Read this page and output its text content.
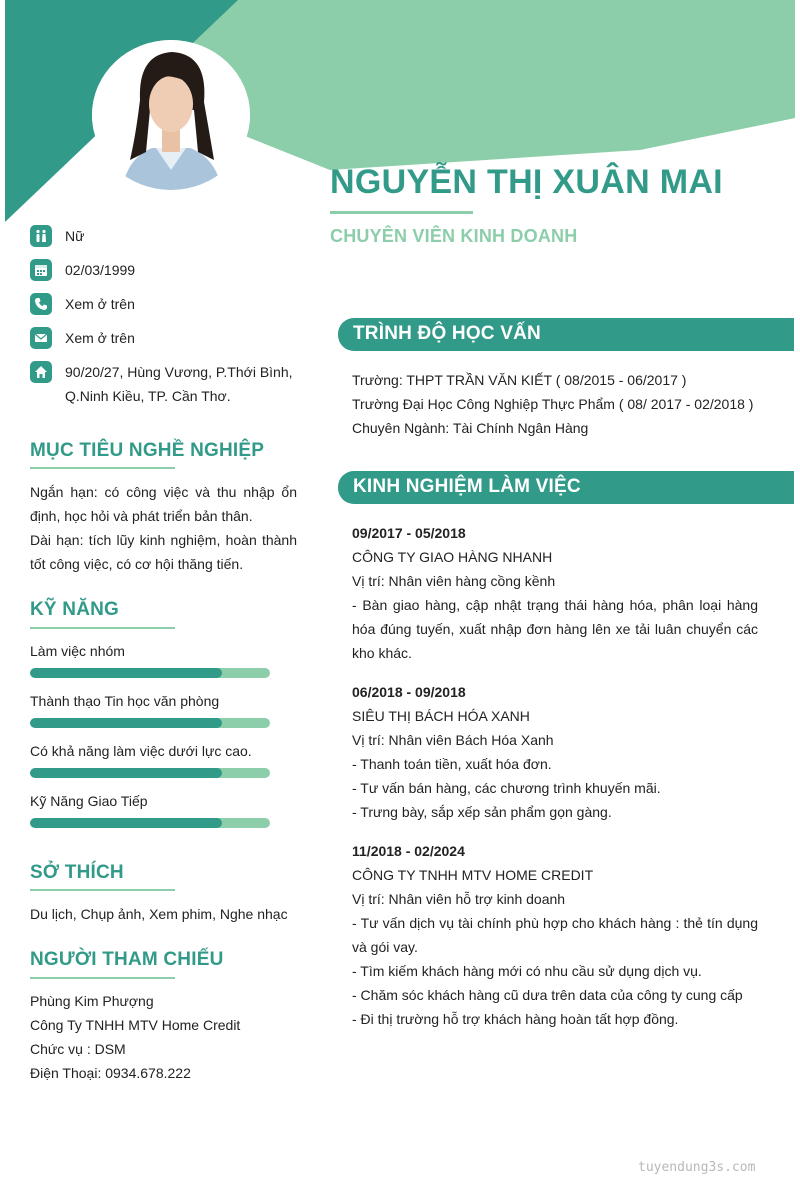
NGUYỄN THỊ XUÂN MAI
CHUYÊN VIÊN KINH DOANH
Nữ
02/03/1999
Xem ở trên
Xem ở trên
90/20/27, Hùng Vương, P.Thới Bình,
Q.Ninh Kiều, TP. Cần Thơ.
MỤC TIÊU NGHỀ NGHIỆP

Ngắn hạn: có công việc và thu nhập ổn định, học hỏi và phát triển bản thân.

Dài hạn: tích lũy kinh nghiệm, hoàn thành tốt công việc, có cơ hội thăng tiến.

KỸ NĂNG
Làm việc nhóm
Thành thạo Tin học văn phòng
Có khả năng làm việc dưới lực cao.
Kỹ Năng Giao Tiếp
SỞ THÍCH
Du lịch, Chụp ảnh, Xem phim, Nghe nhạc
NGƯỜI THAM CHIẾU
Phùng Kim Phượng
Công Ty TNHH MTV Home Credit
Chức vụ : DSM
Điện Thoại: 0934.678.222
TRÌNH ĐỘ HỌC VẤN
Trường: THPT TRẦN VĂN KIẾT ( 08/2015 - 06/2017 )
Trường Đại Học Công Nghiệp Thực Phẩm ( 08/ 2017 - 02/2018 )
Chuyên Ngành: Tài Chính Ngân Hàng
KINH NGHIỆM LÀM VIỆC
09/2017 - 05/2018
CÔNG TY GIAO HÀNG NHANH
Vị trí: Nhân viên hàng cồng kềnh
- Bàn giao hàng, cập nhật trạng thái hàng hóa, phân loại hàng hóa đúng tuyến, xuất nhập đơn hàng lên xe tải luân chuyển các kho khác.
06/2018 - 09/2018
SIÊU THỊ BÁCH HÓA XANH
Vị trí: Nhân viên Bách Hóa Xanh
- Thanh toán tiền, xuất hóa đơn.
- Tư vấn bán hàng, các chương trình khuyến mãi.
- Trưng bày, sắp xếp sản phẩm gọn gàng.
11/2018 - 02/2024
CÔNG TY TNHH MTV HOME CREDIT
Vị trí: Nhân viên hỗ trợ kinh doanh
- Tư vấn dịch vụ tài chính phù hợp cho khách hàng : thẻ tín dụng và gói vay.
- Tìm kiếm khách hàng mới có nhu cầu sử dụng dịch vụ.
- Chăm sóc khách hàng cũ dưa trên data của công ty cung cấp
- Đi thị trường hỗ trợ khách hàng hoàn tất hợp đồng.
tuyendung3s.com
